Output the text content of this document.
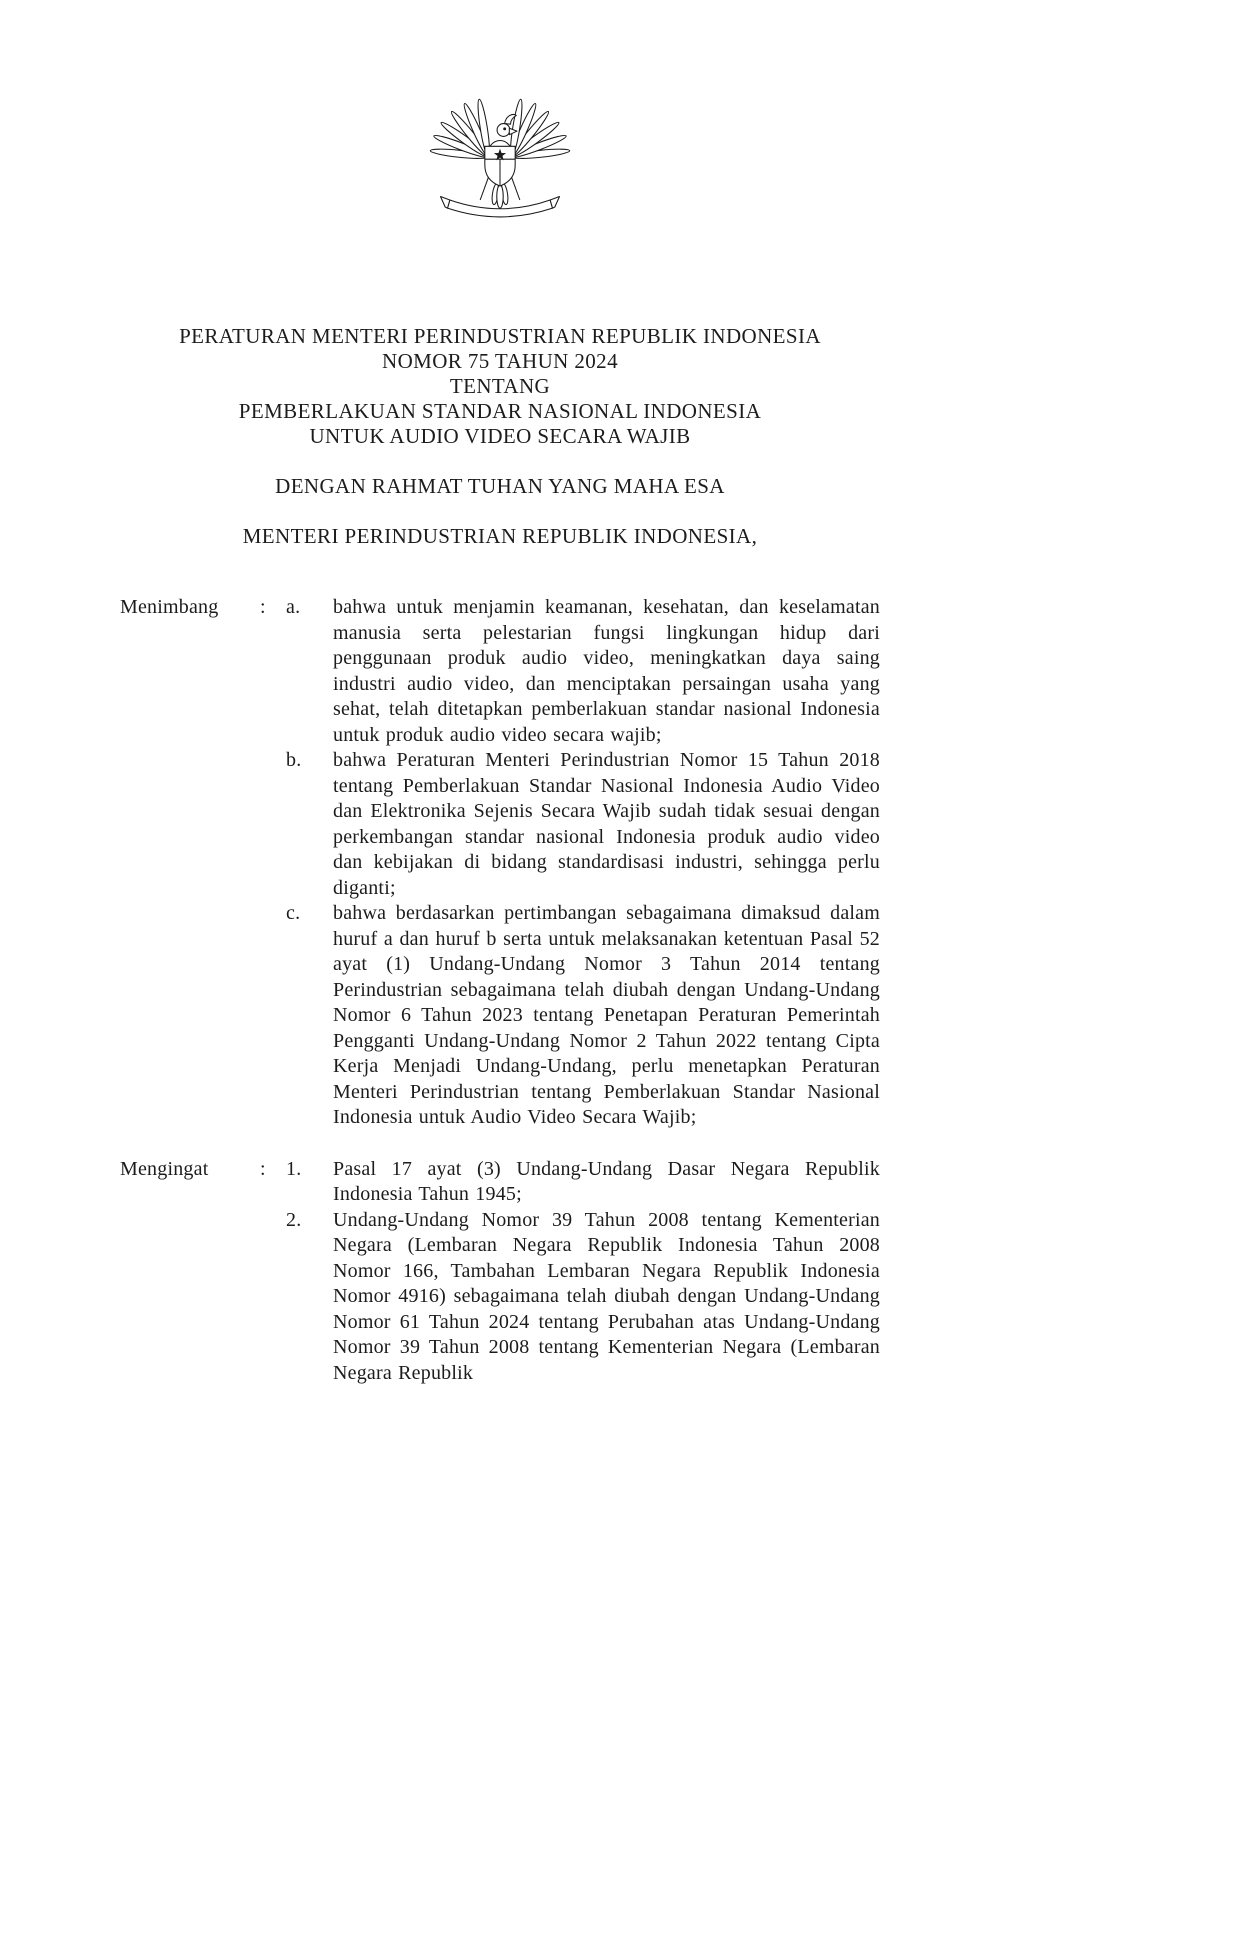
PERATURAN MENTERI PERINDUSTRIAN REPUBLIK INDONESIA
NOMOR 75 TAHUN 2024
TENTANG
PEMBERLAKUAN STANDAR NASIONAL INDONESIA
UNTUK AUDIO VIDEO SECARA WAJIB
DENGAN RAHMAT TUHAN YANG MAHA ESA
MENTERI PERINDUSTRIAN REPUBLIK INDONESIA,
Menimbang	:	a.	bahwa untuk menjamin keamanan, kesehatan, dan keselamatan manusia serta pelestarian fungsi lingkungan hidup dari penggunaan produk audio video, meningkatkan daya saing industri audio video, dan menciptakan persaingan usaha yang sehat, telah ditetapkan pemberlakuan standar nasional Indonesia untuk produk audio video secara wajib;
b.	bahwa Peraturan Menteri Perindustrian Nomor 15 Tahun 2018 tentang Pemberlakuan Standar Nasional Indonesia Audio Video dan Elektronika Sejenis Secara Wajib sudah tidak sesuai dengan perkembangan standar nasional Indonesia produk audio video dan kebijakan di bidang standardisasi industri, sehingga perlu diganti;
c.	bahwa berdasarkan pertimbangan sebagaimana dimaksud dalam huruf a dan huruf b serta untuk melaksanakan ketentuan Pasal 52 ayat (1) Undang-Undang Nomor 3 Tahun 2014 tentang Perindustrian sebagaimana telah diubah dengan Undang-Undang Nomor 6 Tahun 2023 tentang Penetapan Peraturan Pemerintah Pengganti Undang-Undang Nomor 2 Tahun 2022 tentang Cipta Kerja Menjadi Undang-Undang, perlu menetapkan Peraturan Menteri Perindustrian tentang Pemberlakuan Standar Nasional Indonesia untuk Audio Video Secara Wajib;
Mengingat	:	1.	Pasal 17 ayat (3) Undang-Undang Dasar Negara Republik Indonesia Tahun 1945;
2.	Undang-Undang Nomor 39 Tahun 2008 tentang Kementerian Negara (Lembaran Negara Republik Indonesia Tahun 2008 Nomor 166, Tambahan Lembaran Negara Republik Indonesia Nomor 4916) sebagaimana telah diubah dengan Undang-Undang Nomor 61 Tahun 2024 tentang Perubahan atas Undang-Undang Nomor 39 Tahun 2008 tentang Kementerian Negara (Lembaran Negara Republik
